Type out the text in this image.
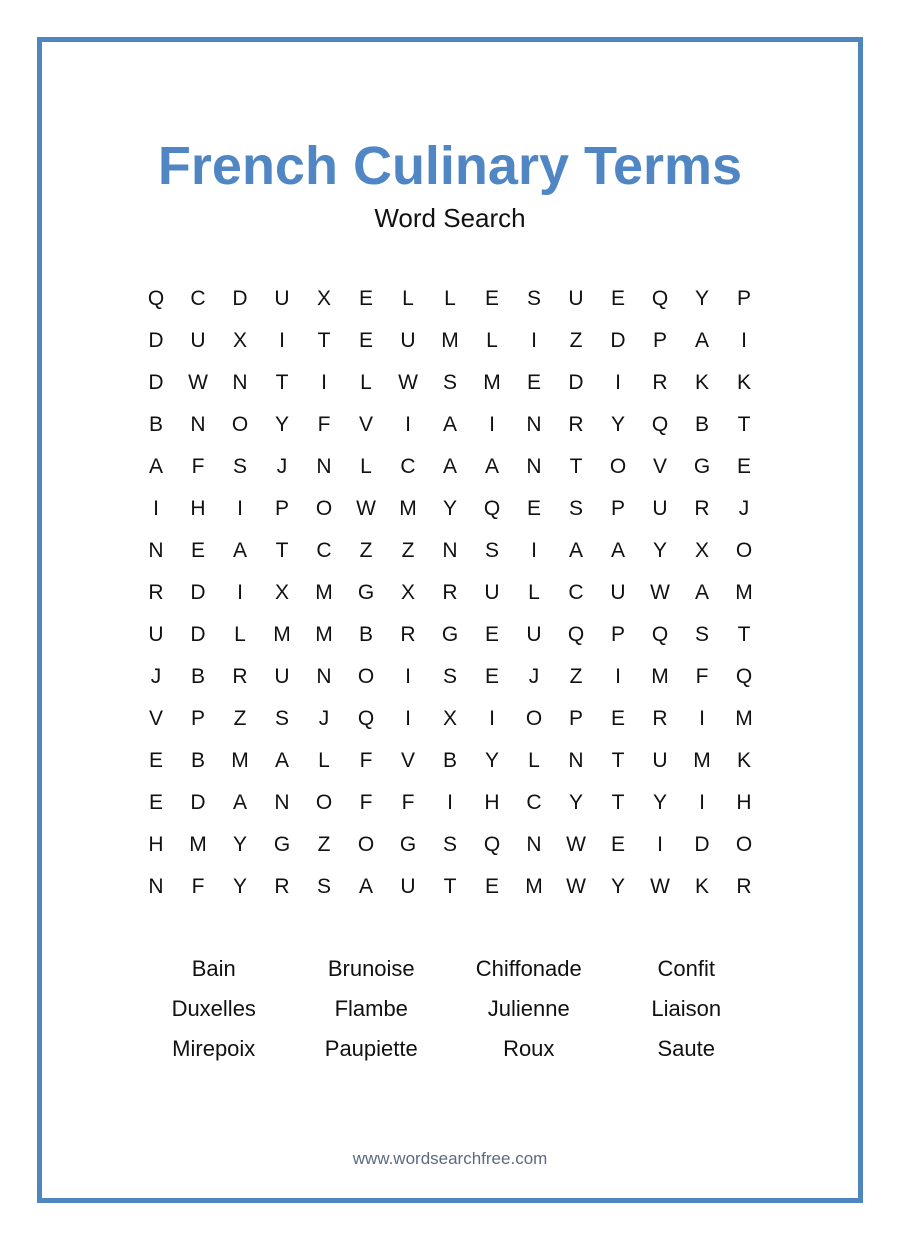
French Culinary Terms
Word Search
Q	C	D	U	X	E	L	L	E	S	U	E	Q	Y	P
D	U	X	I	T	E	U	M	L	I	Z	D	P	A	I
D	W	N	T	I	L	W	S	M	E	D	I	R	K	K
B	N	O	Y	F	V	I	A	I	N	R	Y	Q	B	T
A	F	S	J	N	L	C	A	A	N	T	O	V	G	E
I	H	I	P	O	W	M	Y	Q	E	S	P	U	R	J
N	E	A	T	C	Z	Z	N	S	I	A	A	Y	X	O
R	D	I	X	M	G	X	R	U	L	C	U	W	A	M
U	D	L	M	M	B	R	G	E	U	Q	P	Q	S	T
J	B	R	U	N	O	I	S	E	J	Z	I	M	F	Q
V	P	Z	S	J	Q	I	X	I	O	P	E	R	I	M
E	B	M	A	L	F	V	B	Y	L	N	T	U	M	K
E	D	A	N	O	F	F	I	H	C	Y	T	Y	I	H
H	M	Y	G	Z	O	G	S	Q	N	W	E	I	D	O
N	F	Y	R	S	A	U	T	E	M	W	Y	W	K	R
Bain	Brunoise	Chiffonade	Confit
Duxelles	Flambe	Julienne	Liaison
Mirepoix	Paupiette	Roux	Saute
www.wordsearchfree.com
